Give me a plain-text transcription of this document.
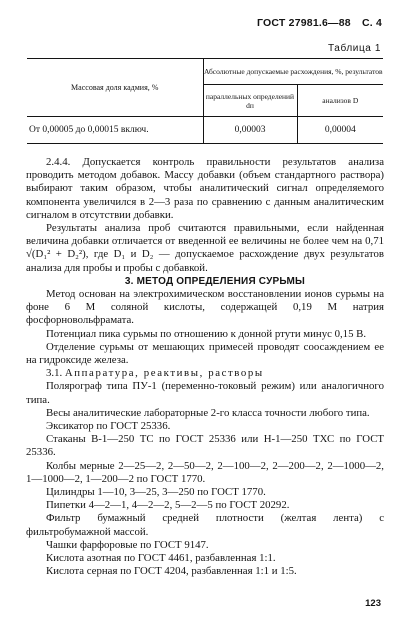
ГОСТ 27981.6—88 С. 4
Таблица 1
Массовая доля кадмия, %	Абсолютные допускаемые расхождения, %, результатов	
	параллельных определений dп	анализов D
От 0,00005 до 0,00015 включ.	0,00003	0,00004

2.4.4. Допускается контроль правильности результатов анализа проводить методом добавок. Массу добавки (объем стандартного раствора) выбирают таким образом, чтобы аналитический сигнал определяемого компонента увеличился в 2—3 раза по сравнению с данным аналитическим сигналом в отсутствии добавки.

Результаты анализа проб считаются правильными, если найденная величина добавки отличается от введенной ее величины не более чем на 0,71 √(D₁² + D₂²), где D₁ и D₂ — допускаемое расхождение двух результатов анализа для пробы и пробы с добавкой.

3. МЕТОД ОПРЕДЕЛЕНИЯ СУРЬМЫ

Метод основан на электрохимическом восстановлении ионов сурьмы на фоне 6 М соляной кислоты, содержащей 0,19 М натрия фосфорновольфрамата.

Потенциал пика сурьмы по отношению к донной ртути минус 0,15 В.

Отделение сурьмы от мешающих примесей проводят соосаждением ее на гидроксиде железа.

3.1. Аппаратура, реактивы, растворы

Полярограф типа ПУ-1 (переменно-токовый режим) или аналогичного типа.

Весы аналитические лабораторные 2-го класса точности любого типа.

Эксикатор по ГОСТ 25336.

Стаканы В-1—250 ТС по ГОСТ 25336 или Н-1—250 ТХС по ГОСТ 25336.

Колбы мерные 2—25—2, 2—50—2, 2—100—2, 2—200—2, 2—1000—2, 1—1000—2, 1—200—2 по ГОСТ 1770.

Цилиндры 1—10, 3—25, 3—250 по ГОСТ 1770.

Пипетки 4—2—1, 4—2—2, 5—2—5 по ГОСТ 20292.

Фильтр бумажный средней плотности (желтая лента) с фильтробумажной массой.

Чашки фарфоровые по ГОСТ 9147.

Кислота азотная по ГОСТ 4461, разбавленная 1:1.

Кислота серная по ГОСТ 4204, разбавленная 1:1 и 1:5.

123
